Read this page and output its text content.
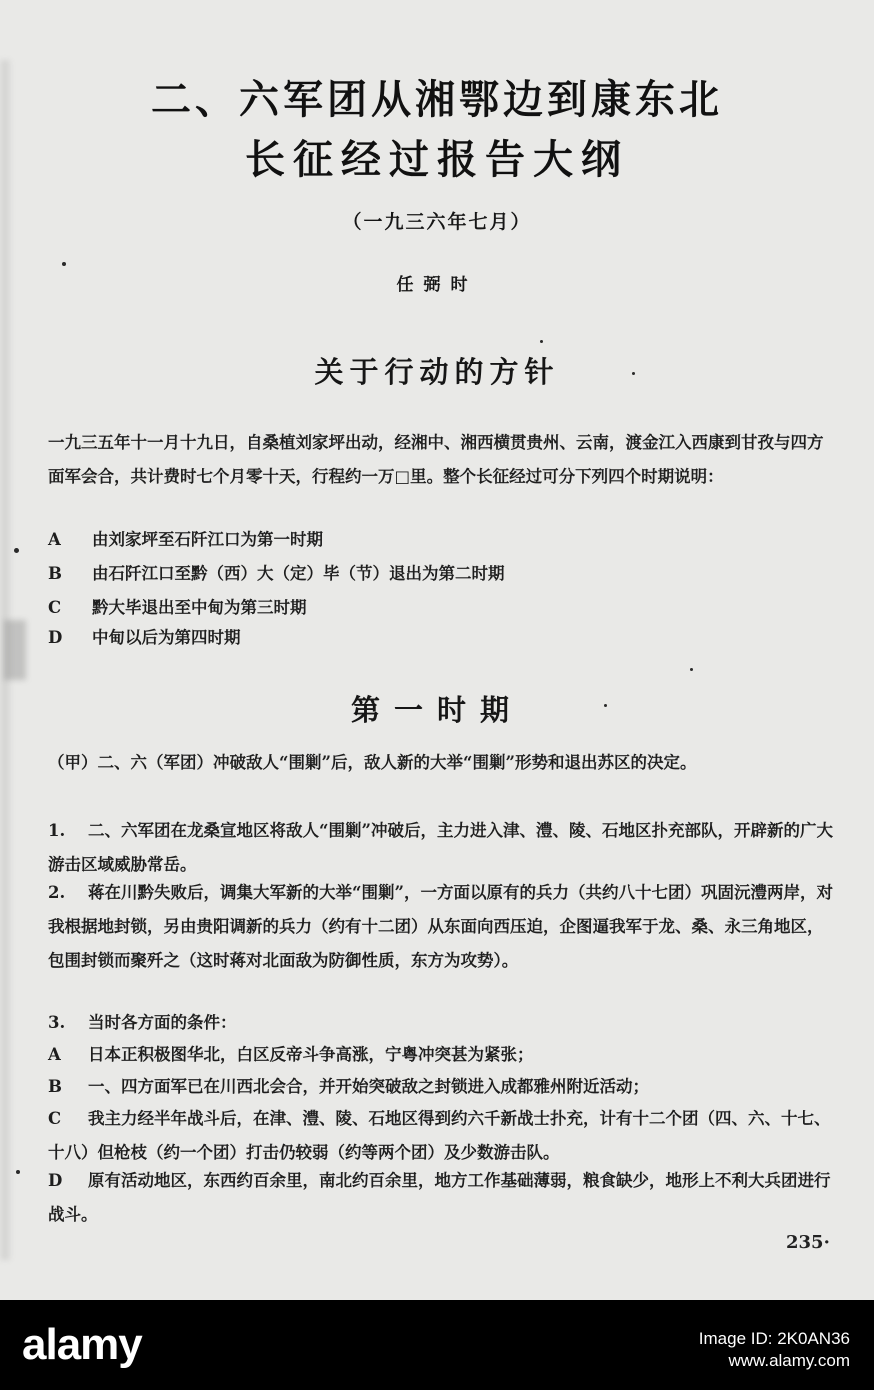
二、六军团从湘鄂边到康东北
长征经过报告大纲
（一九三六年七月）
任弼时
关于行动的方针
一九三五年十一月十九日，自桑植刘家坪出动，经湘中、湘西横贯贵州、云南，渡金江入西康到甘孜与四方面军会合，共计费时七个月零十天，行程约一万□里。整个长征经过可分下列四个时期说明：
A 由刘家坪至石阡江口为第一时期
B 由石阡江口至黔（西）大（定）毕（节）退出为第二时期
C 黔大毕退出至中甸为第三时期
D 中甸以后为第四时期
第一时期
（甲）二、六（军团）冲破敌人“围剿”后，敌人新的大举“围剿”形势和退出苏区的决定。
1. 二、六军团在龙桑宣地区将敌人“围剿”冲破后，主力进入津、澧、陵、石地区扑充部队，开辟新的广大游击区域威胁常岳。
2. 蒋在川黔失败后，调集大军新的大举“围剿”，一方面以原有的兵力（共约八十七团）巩固沅澧两岸，对我根据地封锁，另由贵阳调新的兵力（约有十二团）从东面向西压迫，企图逼我军于龙、桑、永三角地区，包围封锁而聚歼之（这时蒋对北面敌为防御性质，东方为攻势）。
3. 当时各方面的条件：
A 日本正积极图华北，白区反帝斗争高涨，宁粤冲突甚为紧张；
B 一、四方面军已在川西北会合，并开始突破敌之封锁进入成都雅州附近活动；
C 我主力经半年战斗后，在津、澧、陵、石地区得到约六千新战士扑充，计有十二个团（四、六、十七、十八）但枪枝（约一个团）打击仍较弱（约等两个团）及少数游击队。
D 原有活动地区，东西约百余里，南北约百余里，地方工作基础薄弱，粮食缺少，地形上不利大兵团进行战斗。
235·
alamy	Image ID: 2K0AN36
www.alamy.com
